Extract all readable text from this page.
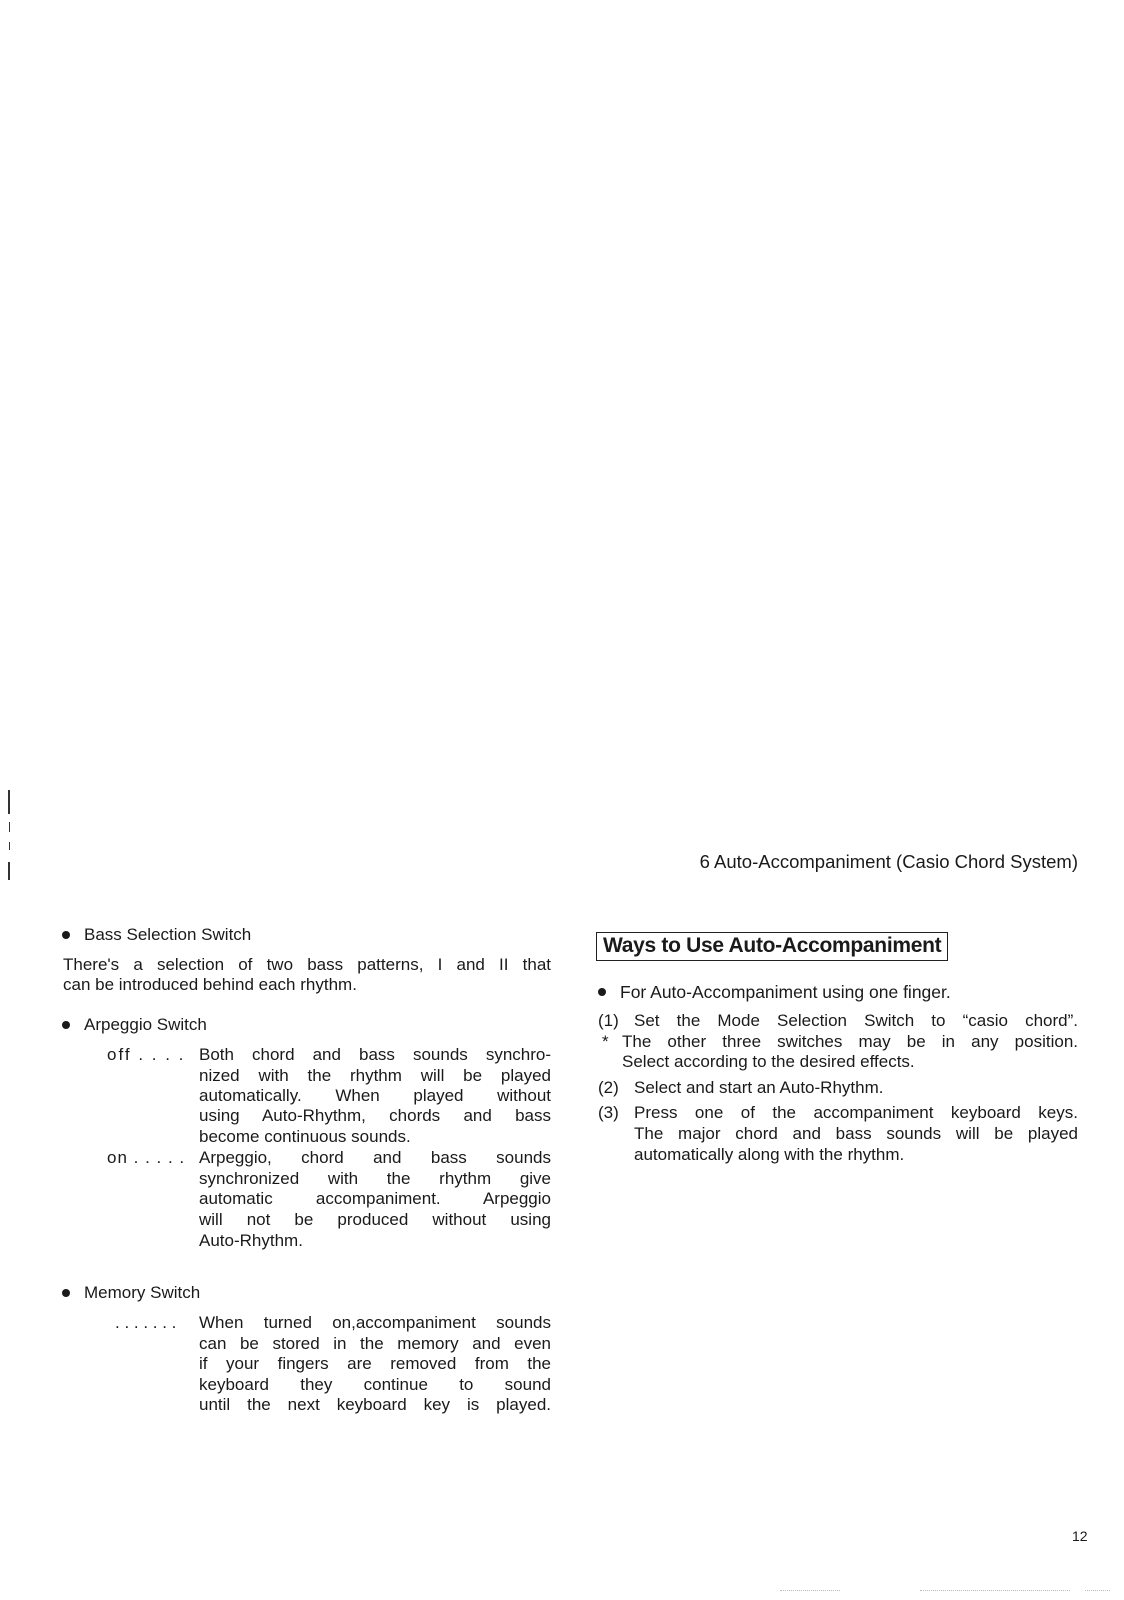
6 Auto-Accompaniment (Casio Chord System)
Bass Selection Switch
There's a selection of two bass patterns, I and II that
can be introduced behind each rhythm.
Arpeggio Switch
off . . . . Both chord and bass sounds synchro-
nized with the rhythm will be played
automatically. When played without
using Auto-Rhythm, chords and bass
become continuous sounds.
on . . . . . Arpeggio, chord and bass sounds
synchronized with the rhythm give
automatic accompaniment. Arpeggio
will not be produced without using
Auto-Rhythm.
Memory Switch
. . . . . . . When turned on,accompaniment sounds
can be stored in the memory and even
if your fingers are removed from the
keyboard they continue to sound
until the next keyboard key is played.
Ways to Use Auto-Accompaniment
For Auto-Accompaniment using one finger.
(1) Set the Mode Selection Switch to “casio chord”.
* The other three switches may be in any position.
Select according to the desired effects.
(2) Select and start an Auto-Rhythm.
(3) Press one of the accompaniment keyboard keys.
The major chord and bass sounds will be played
automatically along with the rhythm.
12
